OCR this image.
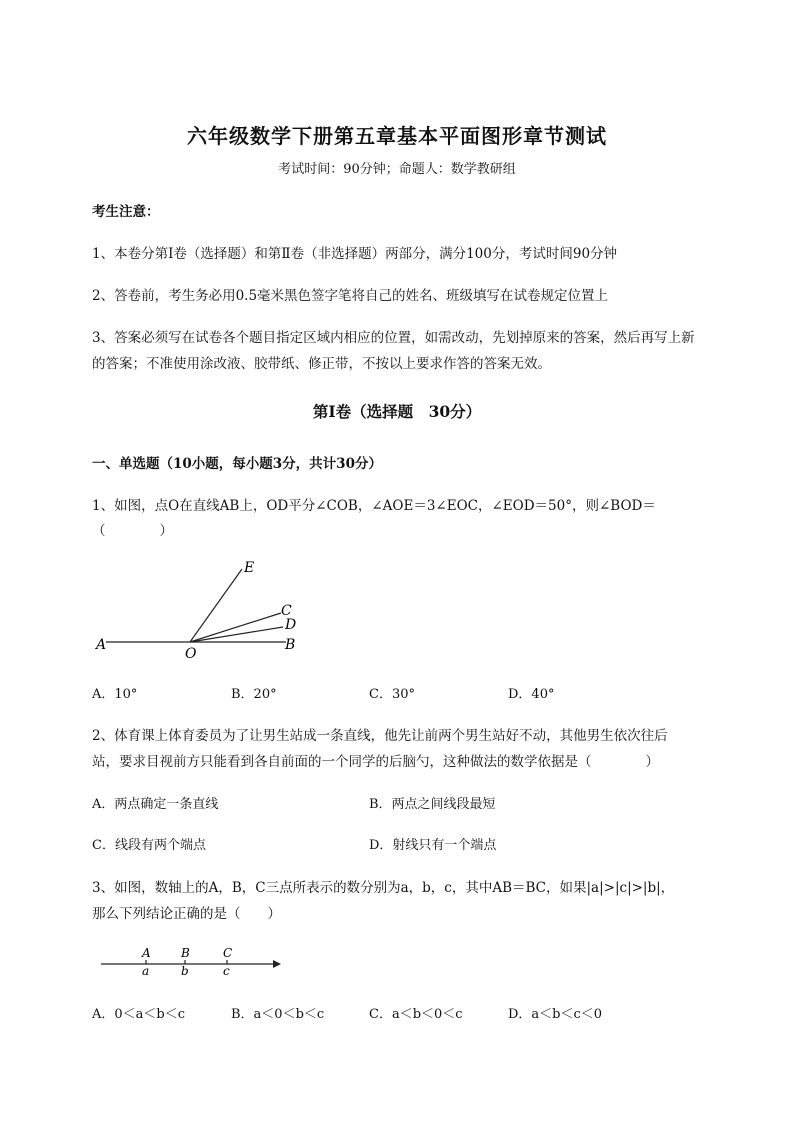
六年级数学下册第五章基本平面图形章节测试
考试时间：90分钟；命题人：数学教研组
考生注意：
1、本卷分第I卷（选择题）和第Ⅱ卷（非选择题）两部分，满分100分，考试时间90分钟
2、答卷前，考生务必用0.5毫米黑色签字笔将自己的姓名、班级填写在试卷规定位置上
3、答案必须写在试卷各个题目指定区域内相应的位置，如需改动，先划掉原来的答案，然后再写上新
的答案；不准使用涂改液、胶带纸、修正带，不按以上要求作答的答案无效。
第I卷（选择题　30分）
一、单选题（10小题，每小题3分，共计30分）
1、如图，点O在直线AB上，OD平分∠COB，∠AOE＝3∠EOC，∠EOD＝50°，则∠BOD＝
（　　　　）
A
O
B
E
C
D
A．10°	B．20°	C．30°	D．40°
2、体育课上体育委员为了让男生站成一条直线，他先让前两个男生站好不动，其他男生依次往后
站，要求目视前方只能看到各自前面的一个同学的后脑勺，这种做法的数学依据是（　　　　）
A．两点确定一条直线	B．两点之间线段最短
C．线段有两个端点	D．射线只有一个端点
3、如图，数轴上的A，B，C三点所表示的数分别为a，b，c，其中AB＝BC，如果|a|>|c|>|b|，
那么下列结论正确的是（　　）
A	B	C
a	b	c
A．0＜a＜b＜c	B．a＜0＜b＜c	C．a＜b＜0＜c	D．a＜b＜c＜0
